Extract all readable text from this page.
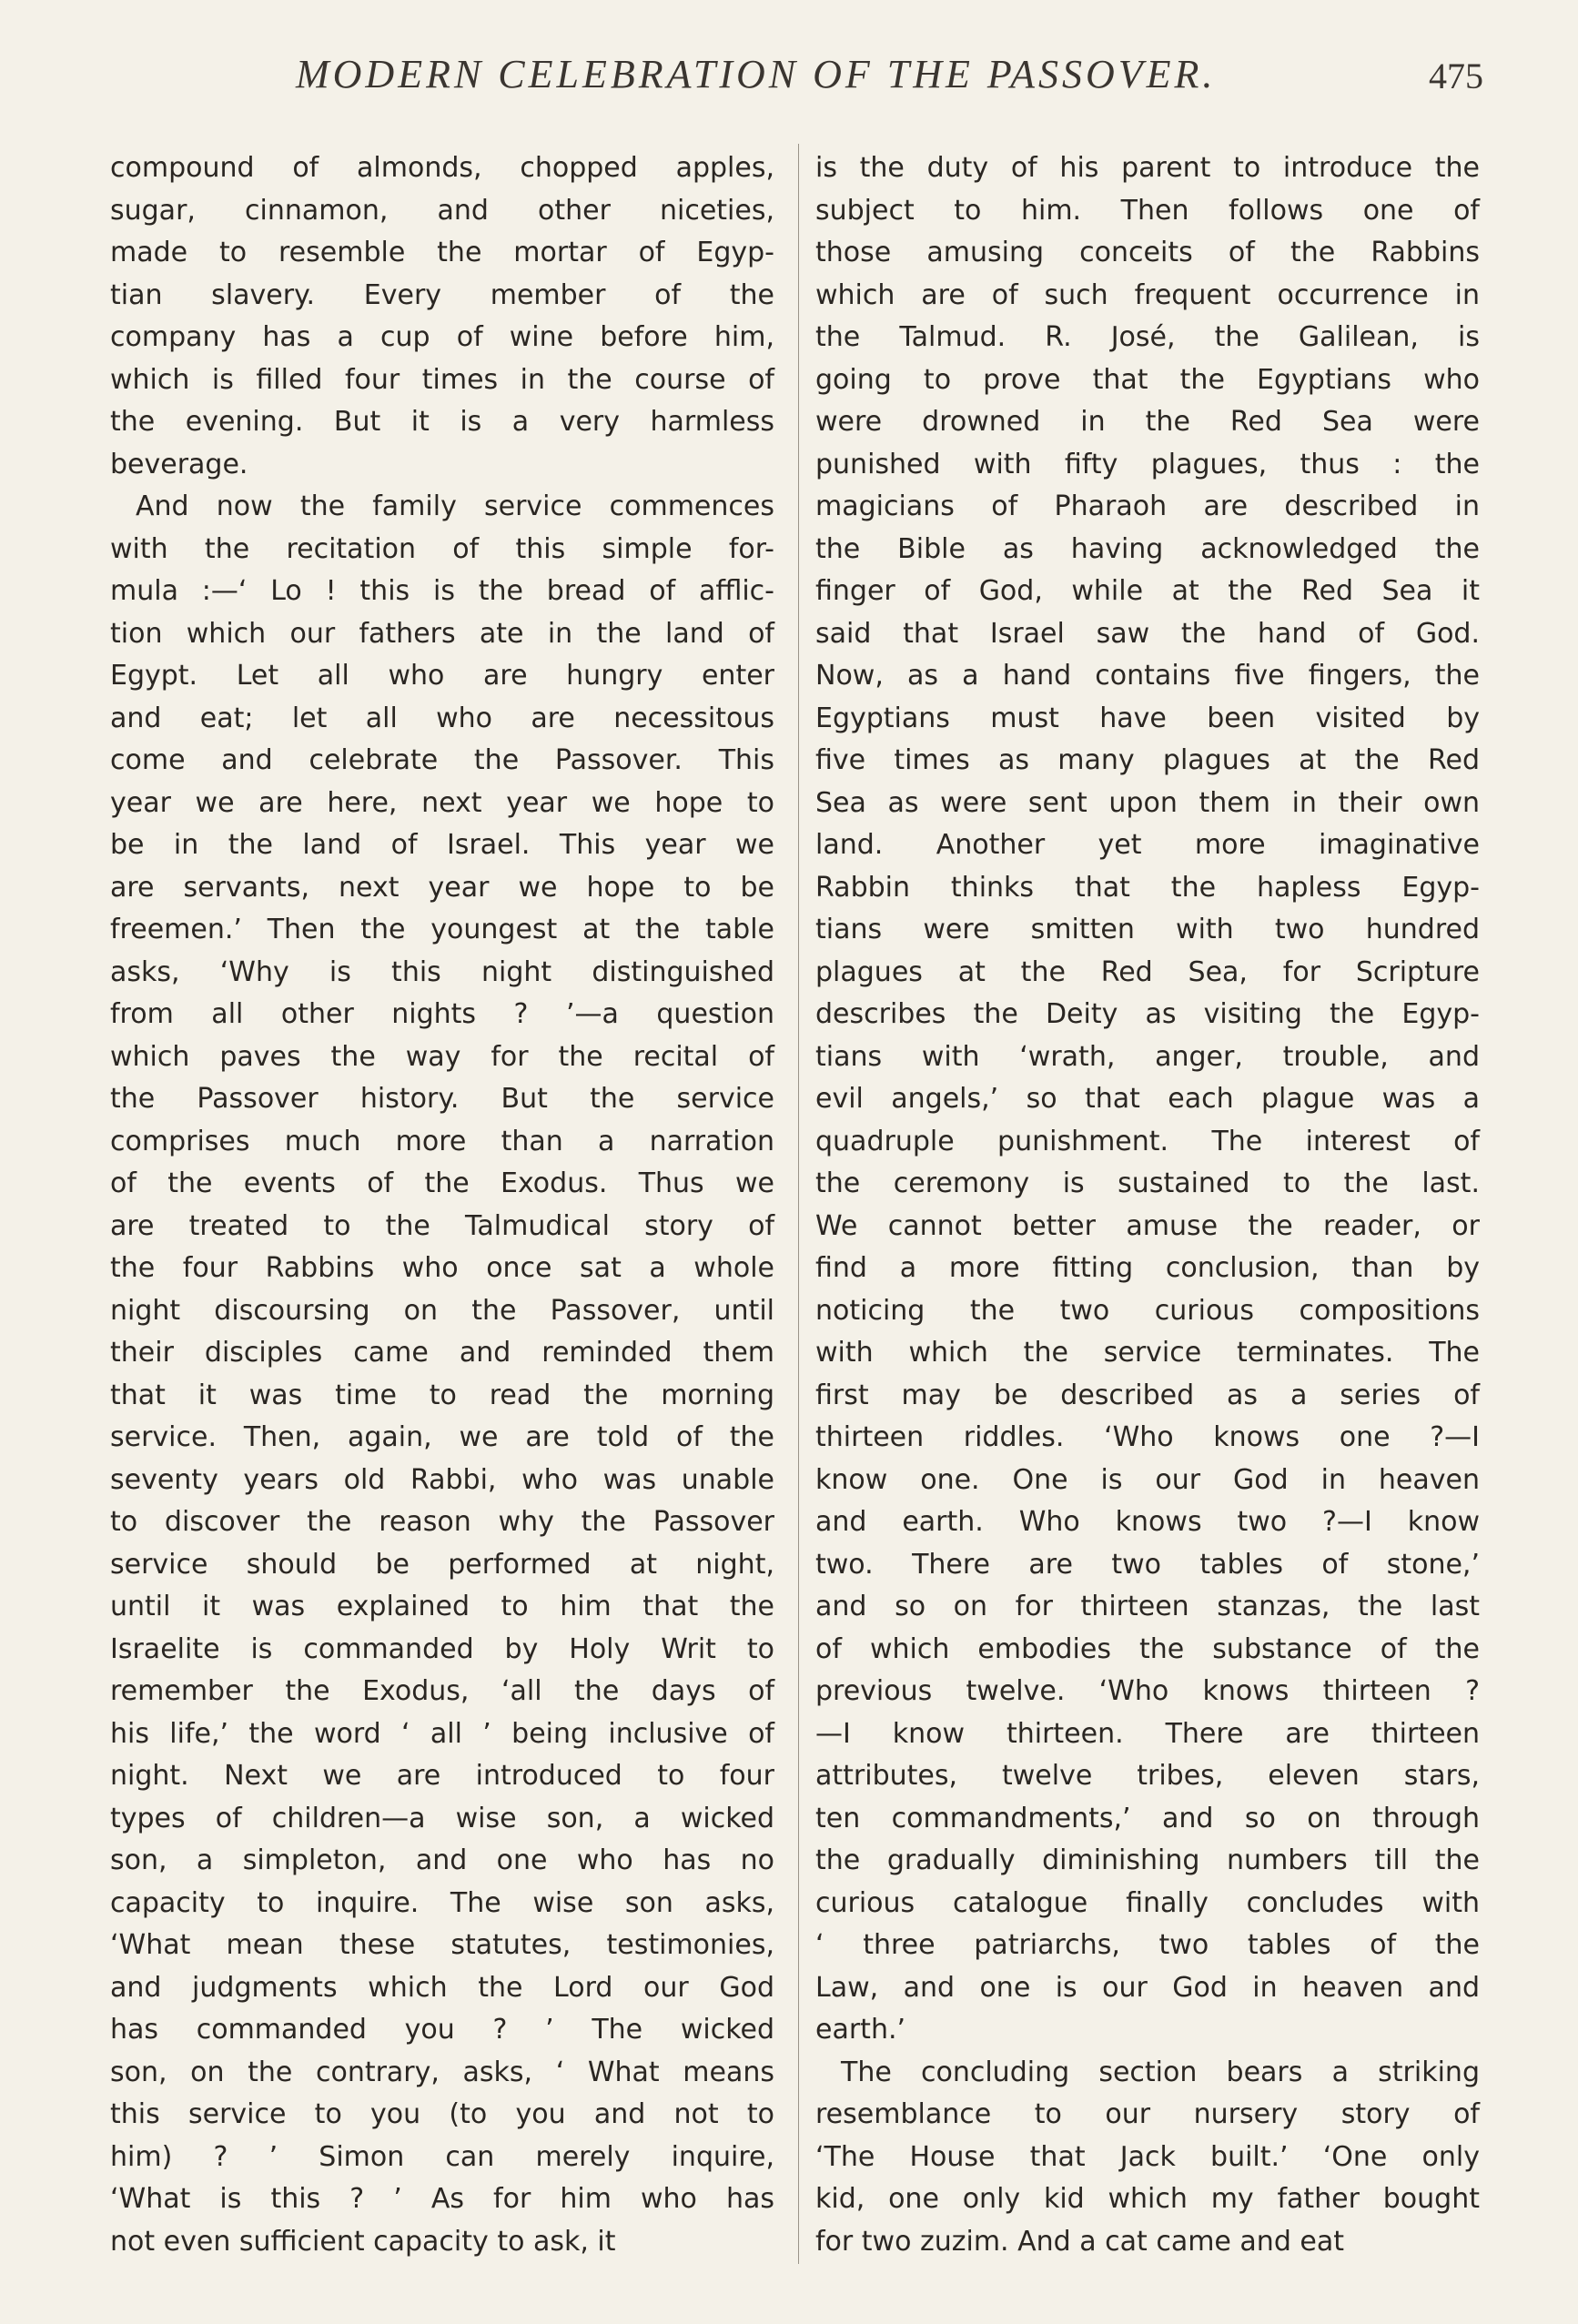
MODERN CELEBRATION OF THE PASSOVER.	475
compound of almonds, chopped apples,
sugar, cinnamon, and other niceties,
made to resemble the mortar of Egyp-
tian slavery. Every member of the
company has a cup of wine before him,
which is filled four times in the course of
the evening. But it is a very harmless
beverage.
And now the family service commences
with the recitation of this simple for-
mula :—‘ Lo ! this is the bread of afflic-
tion which our fathers ate in the land of
Egypt. Let all who are hungry enter
and eat; let all who are necessitous
come and celebrate the Passover. This
year we are here, next year we hope to
be in the land of Israel. This year we
are servants, next year we hope to be
freemen.’ Then the youngest at the table
asks, ‘Why is this night distinguished
from all other nights ? ’—a question
which paves the way for the recital of
the Passover history. But the service
comprises much more than a narration
of the events of the Exodus. Thus we
are treated to the Talmudical story of
the four Rabbins who once sat a whole
night discoursing on the Passover, until
their disciples came and reminded them
that it was time to read the morning
service. Then, again, we are told of the
seventy years old Rabbi, who was unable
to discover the reason why the Passover
service should be performed at night,
until it was explained to him that the
Israelite is commanded by Holy Writ to
remember the Exodus, ‘all the days of
his life,’ the word ‘ all ’ being inclusive of
night. Next we are introduced to four
types of children—a wise son, a wicked
son, a simpleton, and one who has no
capacity to inquire. The wise son asks,
‘What mean these statutes, testimonies,
and judgments which the Lord our God
has commanded you ? ’ The wicked
son, on the contrary, asks, ‘ What means
this service to you (to you and not to
him) ? ’ Simon can merely inquire,
‘What is this ? ’ As for him who has
not even sufficient capacity to ask, it
is the duty of his parent to introduce the
subject to him. Then follows one of
those amusing conceits of the Rabbins
which are of such frequent occurrence in
the Talmud. R. José, the Galilean, is
going to prove that the Egyptians who
were drowned in the Red Sea were
punished with fifty plagues, thus : the
magicians of Pharaoh are described in
the Bible as having acknowledged the
finger of God, while at the Red Sea it
said that Israel saw the hand of God.
Now, as a hand contains five fingers, the
Egyptians must have been visited by
five times as many plagues at the Red
Sea as were sent upon them in their own
land. Another yet more imaginative
Rabbin thinks that the hapless Egyp-
tians were smitten with two hundred
plagues at the Red Sea, for Scripture
describes the Deity as visiting the Egyp-
tians with ‘wrath, anger, trouble, and
evil angels,’ so that each plague was a
quadruple punishment. The interest of
the ceremony is sustained to the last.
We cannot better amuse the reader, or
find a more fitting conclusion, than by
noticing the two curious compositions
with which the service terminates. The
first may be described as a series of
thirteen riddles. ‘Who knows one ?—I
know one. One is our God in heaven
and earth. Who knows two ?—I know
two. There are two tables of stone,’
and so on for thirteen stanzas, the last
of which embodies the substance of the
previous twelve. ‘Who knows thirteen ?
—I know thirteen. There are thirteen
attributes, twelve tribes, eleven stars,
ten commandments,’ and so on through
the gradually diminishing numbers till the
curious catalogue finally concludes with
‘ three patriarchs, two tables of the
Law, and one is our God in heaven and
earth.’
The concluding section bears a striking
resemblance to our nursery story of
‘The House that Jack built.’ ‘One only
kid, one only kid which my father bought
for two zuzim. And a cat came and eat
